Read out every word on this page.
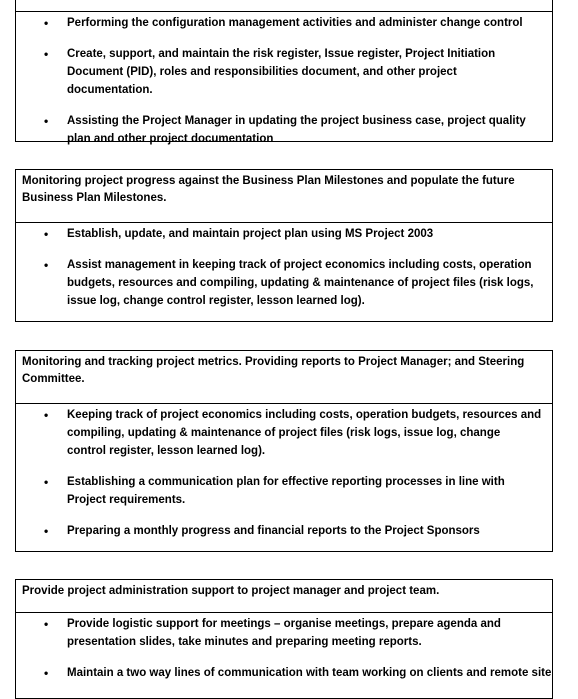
• Performing the configuration management activities and administer change control
• Create, support, and maintain the risk register, Issue register, Project Initiation Document (PID), roles and responsibilities document, and other project documentation.
• Assisting the Project Manager in updating the project business case, project quality plan and other project documentation
Monitoring project progress against the Business Plan Milestones and populate the future Business Plan Milestones.
• Establish, update, and maintain project plan using MS Project 2003
• Assist management in keeping track of project economics including costs, operation budgets, resources and compiling, updating & maintenance of project files (risk logs, issue log, change control register, lesson learned log).
Monitoring and tracking project metrics. Providing reports to Project Manager; and Steering Committee.
• Keeping track of project economics including costs, operation budgets, resources and compiling, updating & maintenance of project files (risk logs, issue log, change control register, lesson learned log).
• Establishing a communication plan for effective reporting processes in line with Project requirements.
• Preparing a monthly progress and financial reports to the Project Sponsors
Provide project administration support to project manager and project team.
• Provide logistic support for meetings – organise meetings, prepare agenda and presentation slides, take minutes and preparing meeting reports.
• Maintain a two way lines of communication with team working on clients and remote site
